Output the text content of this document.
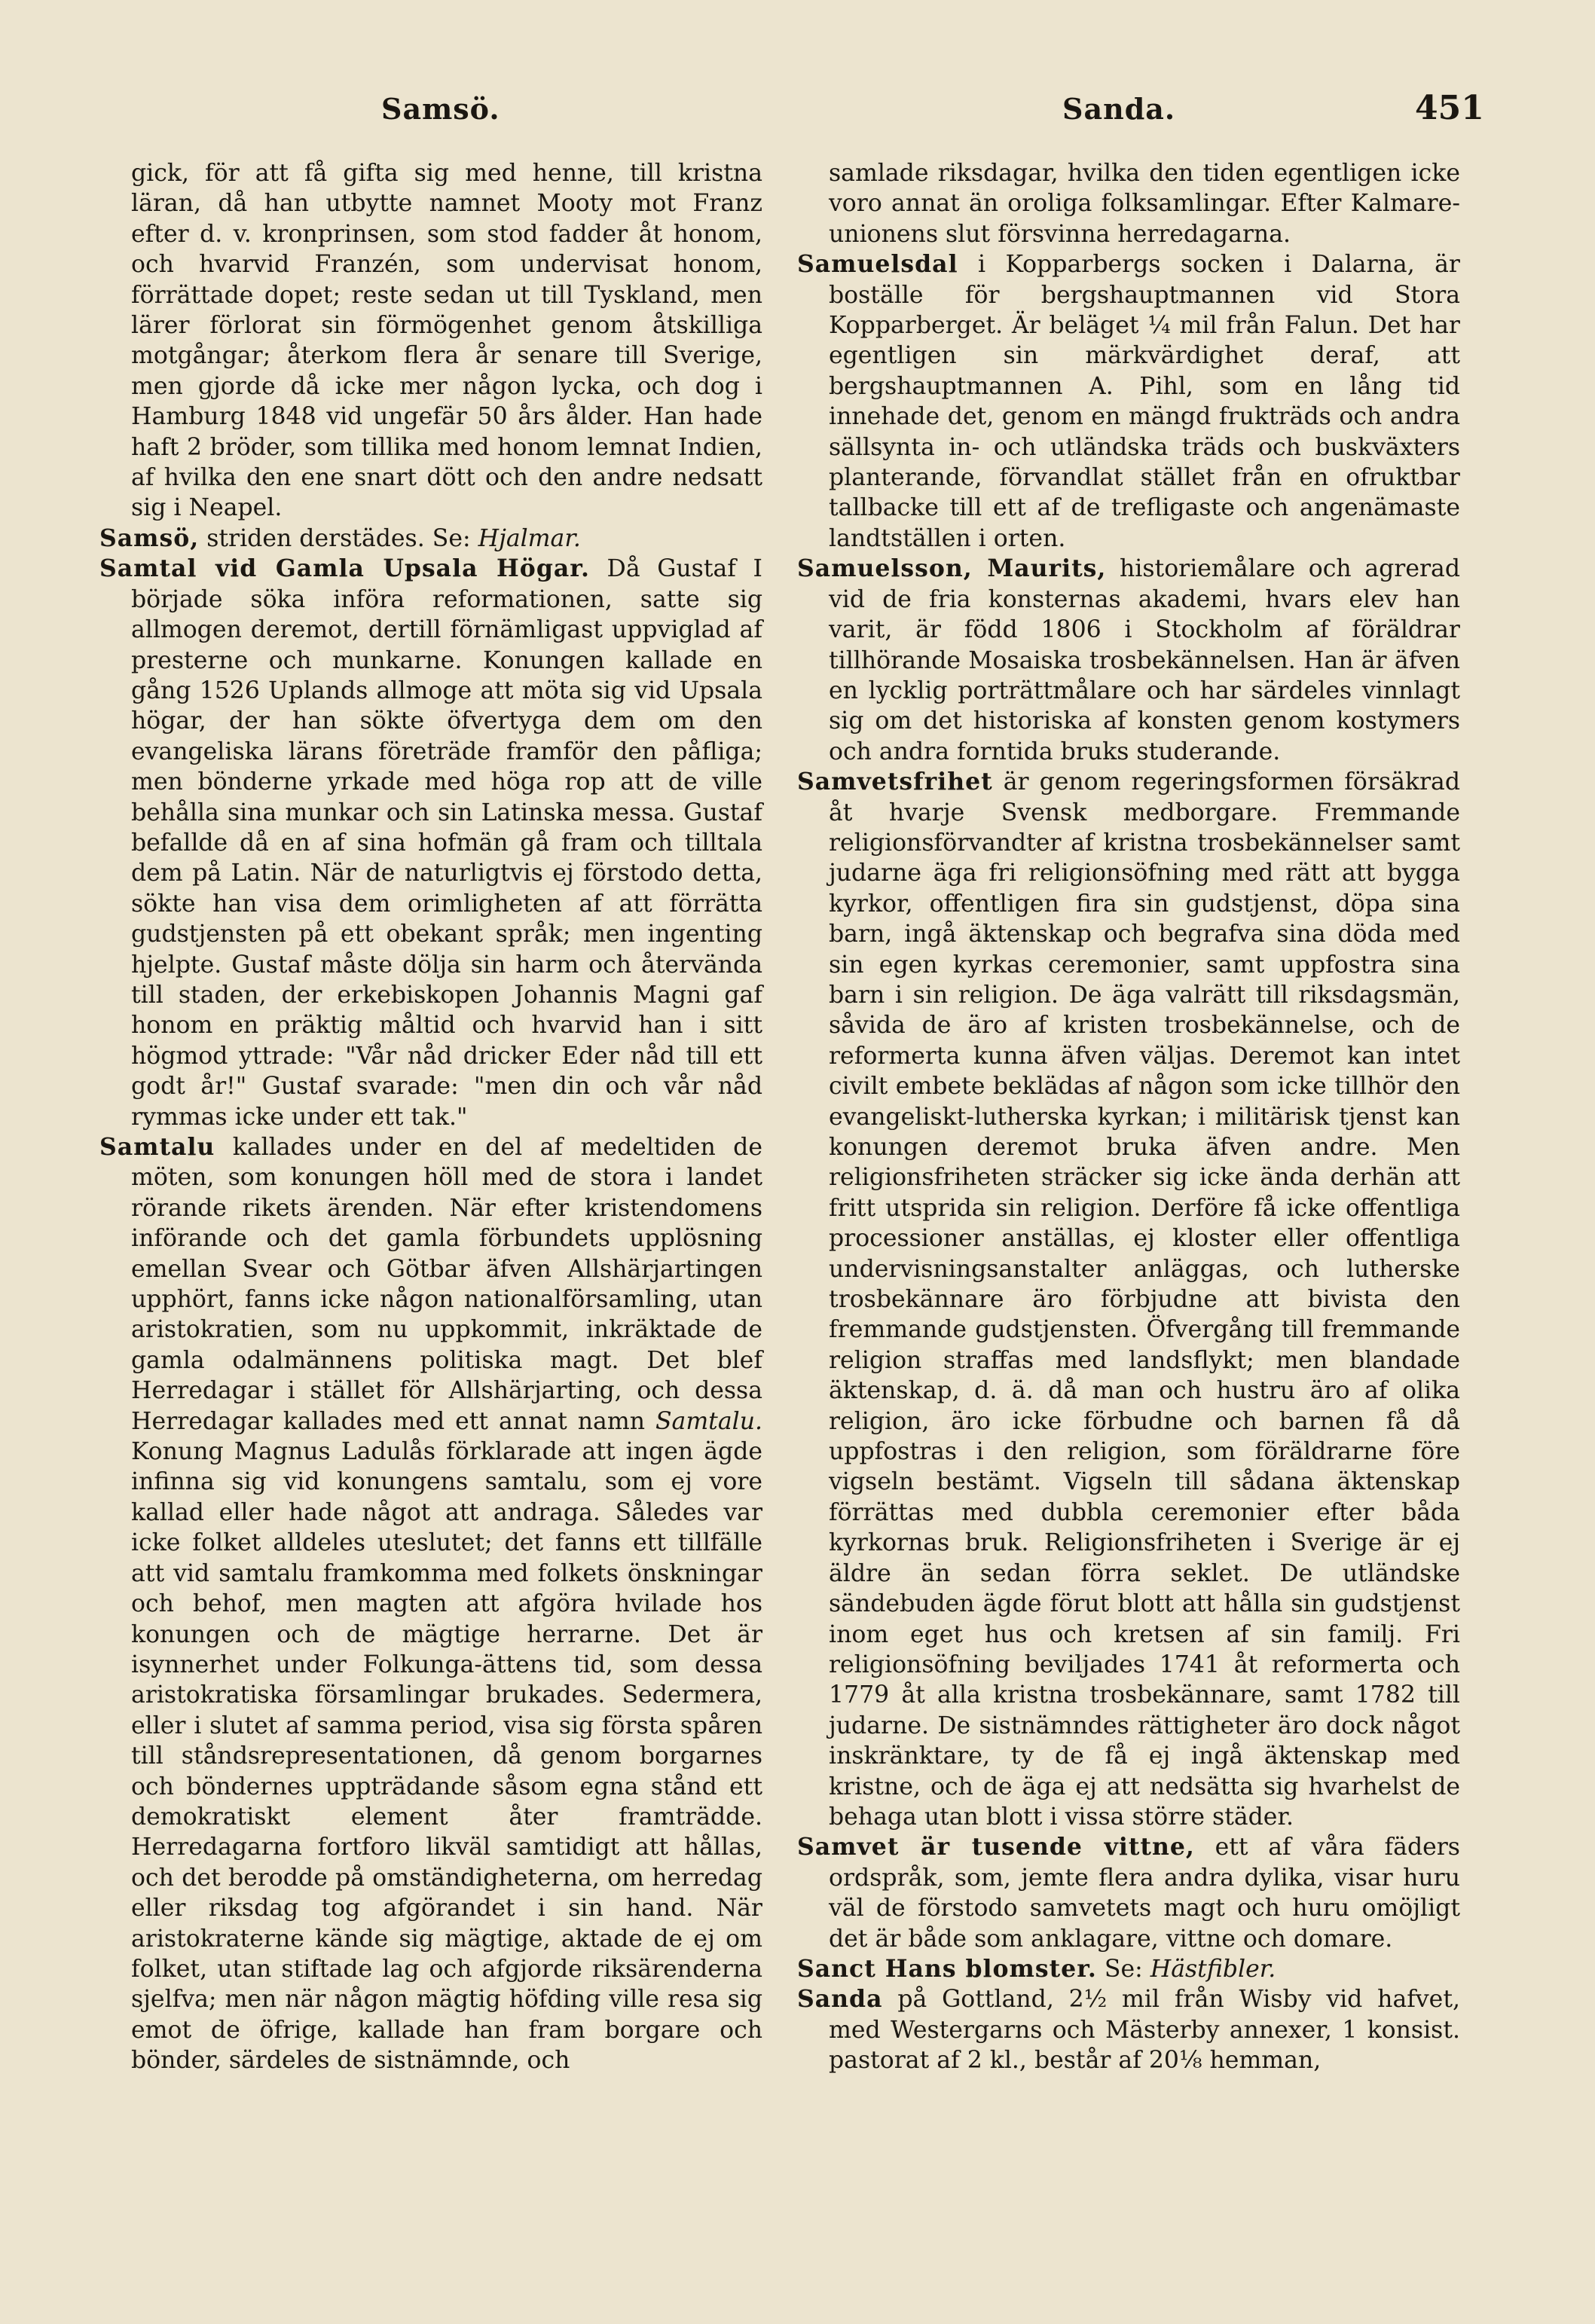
Samsö.	Sanda.	451

gick, för att få gifta sig med henne, till kristna läran, då han utbytte namnet Mooty mot Franz efter d. v. kronprinsen, som stod fadder åt honom, och hvarvid Franzén, som undervisat honom, förrättade dopet; reste sedan ut till Tyskland, men lärer förlorat sin förmögenhet genom åtskilliga motgångar; återkom flera år senare till Sverige, men gjorde då icke mer någon lycka, och dog i Hamburg 1848 vid ungefär 50 års ålder. Han hade haft 2 bröder, som tillika med honom lemnat Indien, af hvilka den ene snart dött och den andre nedsatt sig i Neapel.

Samsö, striden derstädes. Se: Hjalmar.

Samtal vid Gamla Upsala Högar. Då Gustaf I började söka införa reformationen, satte sig allmogen deremot, dertill förnämligast uppviglad af presterne och munkarne. Konungen kallade en gång 1526 Uplands allmoge att möta sig vid Upsala högar, der han sökte öfvertyga dem om den evangeliska lärans företräde framför den påfliga; men bönderne yrkade med höga rop att de ville behålla sina munkar och sin Latinska messa. Gustaf befallde då en af sina hofmän gå fram och tilltala dem på Latin. När de naturligtvis ej förstodo detta, sökte han visa dem orimligheten af att förrätta gudstjensten på ett obekant språk; men ingenting hjelpte. Gustaf måste dölja sin harm och återvända till staden, der erkebiskopen Johannis Magni gaf honom en präktig måltid och hvarvid han i sitt högmod yttrade: "Vår nåd dricker Eder nåd till ett godt år!" Gustaf svarade: "men din och vår nåd rymmas icke under ett tak."

Samtalu kallades under en del af medeltiden de möten, som konungen höll med de stora i landet rörande rikets ärenden. När efter kristendomens införande och det gamla förbundets upplösning emellan Svear och Götbar äfven Allshärjartingen upphört, fanns icke någon nationalförsamling, utan aristokratien, som nu uppkommit, inkräktade de gamla odalmännens politiska magt. Det blef Herredagar i stället för Allshärjarting, och dessa Herredagar kallades med ett annat namn Samtalu. Konung Magnus Ladulås förklarade att ingen ägde infinna sig vid konungens samtalu, som ej vore kallad eller hade något att andraga. Således var icke folket alldeles uteslutet; det fanns ett tillfälle att vid samtalu framkomma med folkets önskningar och behof, men magten att afgöra hvilade hos konungen och de mägtige herrarne. Det är isynnerhet under Folkunga-ättens tid, som dessa aristokratiska församlingar brukades. Sedermera, eller i slutet af samma period, visa sig första spåren till ståndsrepresentationen, då genom borgarnes och böndernes uppträdande såsom egna stånd ett demokratiskt element åter framträdde. Herredagarna fortforo likväl samtidigt att hållas, och det berodde på omständigheterna, om herredag eller riksdag tog afgörandet i sin hand. När aristokraterne kände sig mägtige, aktade de ej om folket, utan stiftade lag och afgjorde riksärenderna sjelfva; men när någon mägtig höfding ville resa sig emot de öfrige, kallade han fram borgare och bönder, särdeles de sistnämnde, och

samlade riksdagar, hvilka den tiden egentligen icke voro annat än oroliga folksamlingar. Efter Kalmare-unionens slut försvinna herredagarna.

Samuelsdal i Kopparbergs socken i Dalarna, är boställe för bergshauptmannen vid Stora Kopparberget. Är beläget ¼ mil från Falun. Det har egentligen sin märkvärdighet deraf, att bergshauptmannen A. Pihl, som en lång tid innehade det, genom en mängd frukträds och andra sällsynta in- och utländska träds och buskväxters planterande, förvandlat stället från en ofruktbar tallbacke till ett af de trefligaste och angenämaste landtställen i orten.

Samuelsson, Maurits, historiemålare och agrerad vid de fria konsternas akademi, hvars elev han varit, är född 1806 i Stockholm af föräldrar tillhörande Mosaiska trosbekännelsen. Han är äfven en lycklig porträttmålare och har särdeles vinnlagt sig om det historiska af konsten genom kostymers och andra forntida bruks studerande.

Samvetsfrihet är genom regeringsformen försäkrad åt hvarje Svensk medborgare. Fremmande religionsförvandter af kristna trosbekännelser samt judarne äga fri religionsöfning med rätt att bygga kyrkor, offentligen fira sin gudstjenst, döpa sina barn, ingå äktenskap och begrafva sina döda med sin egen kyrkas ceremonier, samt uppfostra sina barn i sin religion. De äga valrätt till riksdagsmän, såvida de äro af kristen trosbekännelse, och de reformerta kunna äfven väljas. Deremot kan intet civilt embete beklädas af någon som icke tillhör den evangeliskt-lutherska kyrkan; i militärisk tjenst kan konungen deremot bruka äfven andre. Men religionsfriheten sträcker sig icke ända derhän att fritt utsprida sin religion. Derföre få icke offentliga processioner anställas, ej kloster eller offentliga undervisningsanstalter anläggas, och lutherske trosbekännare äro förbjudne att bivista den fremmande gudstjensten. Öfvergång till fremmande religion straffas med landsflykt; men blandade äktenskap, d. ä. då man och hustru äro af olika religion, äro icke förbudne och barnen få då uppfostras i den religion, som föräldrarne före vigseln bestämt. Vigseln till sådana äktenskap förrättas med dubbla ceremonier efter båda kyrkornas bruk. Religionsfriheten i Sverige är ej äldre än sedan förra seklet. De utländske sändebuden ägde förut blott att hålla sin gudstjenst inom eget hus och kretsen af sin familj. Fri religionsöfning beviljades 1741 åt reformerta och 1779 åt alla kristna trosbekännare, samt 1782 till judarne. De sistnämndes rättigheter äro dock något inskränktare, ty de få ej ingå äktenskap med kristne, och de äga ej att nedsätta sig hvarhelst de behaga utan blott i vissa större städer.

Samvet är tusende vittne, ett af våra fäders ordspråk, som, jemte flera andra dylika, visar huru väl de förstodo samvetets magt och huru omöjligt det är både som anklagare, vittne och domare.

Sanct Hans blomster. Se: Hästfibler.

Sanda på Gottland, 2½ mil från Wisby vid hafvet, med Westergarns och Mästerby annexer, 1 konsist. pastorat af 2 kl., består af 20⅛ hemman,
